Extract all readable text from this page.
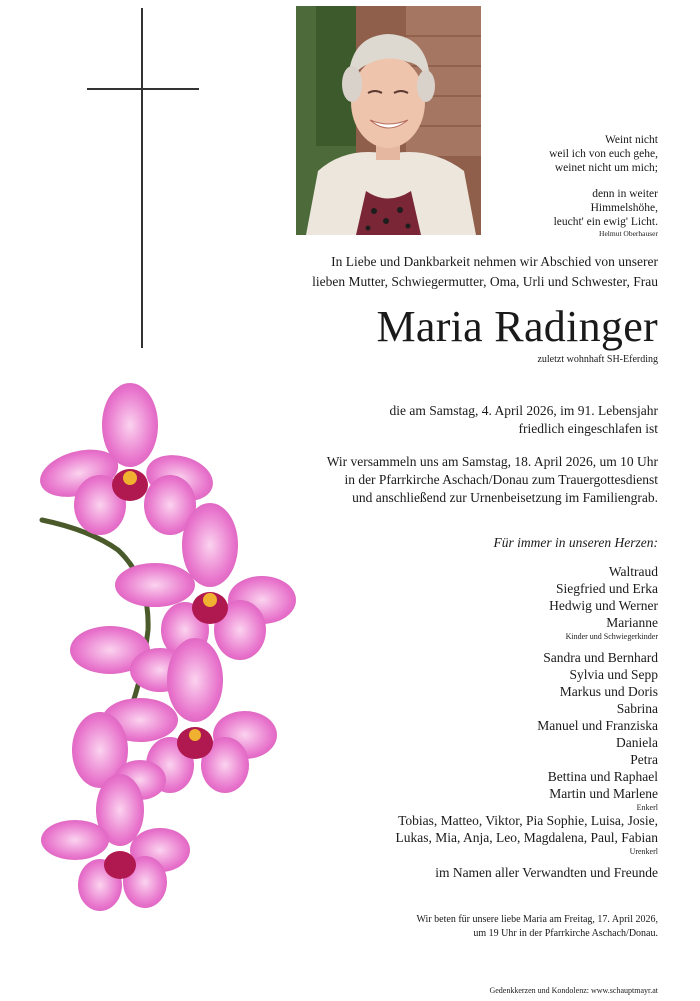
Weint nicht
weil ich von euch gehe,
weinet nicht um mich;
denn in weiter
Himmelshöhe,
leucht' ein ewig' Licht.
Helmut Oberhauser
In Liebe und Dankbarkeit nehmen wir Abschied von unserer
lieben Mutter, Schwiegermutter, Oma, Urli und Schwester, Frau
Maria Radinger
zuletzt wohnhaft SH-Eferding
die am Samstag, 4. April 2026, im 91. Lebensjahr
friedlich eingeschlafen ist
Wir versammeln uns am Samstag, 18. April 2026, um 10 Uhr
in der Pfarrkirche Aschach/Donau zum Trauergottesdienst
und anschließend zur Urnenbeisetzung im Familiengrab.
Für immer in unseren Herzen:
Waltraud
Siegfried und Erka
Hedwig und Werner
Marianne
Kinder und Schwiegerkinder
Sandra und Bernhard
Sylvia und Sepp
Markus und Doris
Sabrina
Manuel und Franziska
Daniela
Petra
Bettina und Raphael
Martin und Marlene
Enkerl
Tobias, Matteo, Viktor, Pia Sophie, Luisa, Josie,
Lukas, Mia, Anja, Leo, Magdalena, Paul, Fabian
Urenkerl
im Namen aller Verwandten und Freunde
Wir beten für unsere liebe Maria am Freitag, 17. April 2026,
um 19 Uhr in der Pfarrkirche Aschach/Donau.
Gedenkkerzen und Kondolenz: www.schauptmayr.at
